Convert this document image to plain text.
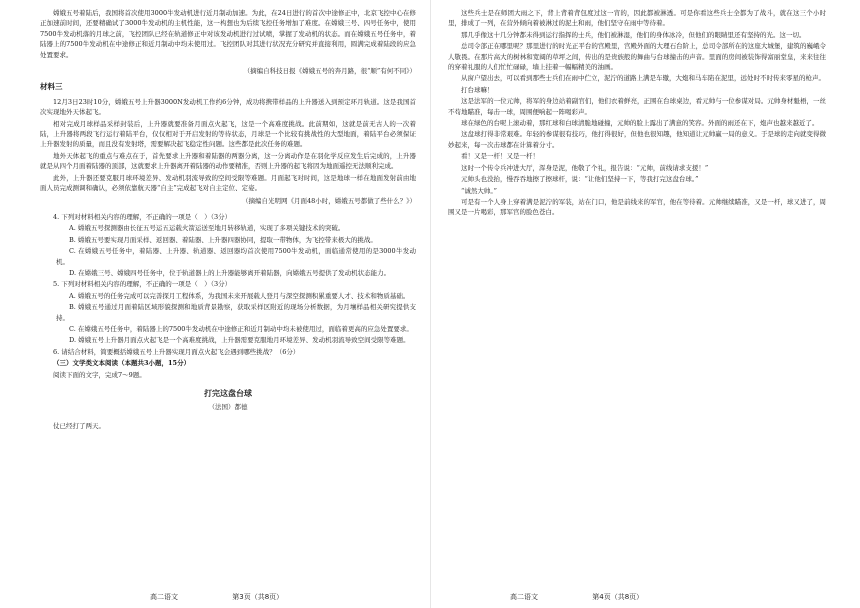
嫦娥五号着陆后，我国将首次使用3000牛发动机进行近月制动加速。为此，在24日进行的首次中途修正中，北京飞控中心在修正加速前时间，还要精确试了3000牛发动机的主机性能，这一构想也为后续飞控任务增加了难度。在嫦娥三号、四号任务中，使用7500牛发动机落的月球之前，飞控团队已经在轨道修正中对该发动机进行过试喷，掌握了发动机的状态。而在嫦娥五号任务中，着陆器上的7500牛发动机在中途修正和近月制动中均未使用过。飞控团队对其进行状况充分研究并直接利用，圆满完成着陆段的应急处置要求。

（摘编自科技日报《嫦娥五号的奔月路，很“顺”有何不同》）
材料三

12月3日23时10分，嫦娥五号上升器3000N发动机工作约6分钟，成功将携带样品的上升器送入到预定环月轨道。这是我国首次实现地外天体起飞。

相对完成月球样品采样封装后，上升器就要准备月面点火起飞，这是一个高难度挑战。此前期如，这就是前无古人的一次着陆，上升器将两段飞行运行着陆平台，仅仅相对于开启发射的等待状态，月球是一个比较有挑战性的大型地面，着陆平台必须保证上升器发射的质量，而且没有发射塔，需要解决起飞稳定性问题。这些都是此次任务的难题。

地外天体起飞的重点与难点在于，首先要求上升器和着陆器的两器分离，这一分离动作是在羽化学反应发生后完成的，上升器就是从四个月面着陆器的顶部，这就要求上升器离开着陆器的动作要精准，否则上升器的起飞将因为地面遥控无法顺利完成。

此外，上升器还要克服月球环境差异、发动机羽流导致的空间受限等难题。月面起飞对时间，这是地球一样在地面发射前由地面人员完成测调和确认，必须依靠航天器“自主”完成起飞对自主定位、定姿。

（摘编自光明网《月面48小时，嫦娥五号都做了些什么？》）

4. 下列对材料相关内容的理解，不正确的一项是（　）（3分）

A. 嫦娥五号探测器由长征五号运五运载火箭运送至地月转移轨道，实现了多项关键技术的突破。

B. 嫦娥五号要实现月面采样、返回器、着陆器、上升器四器协同，提取一带物体，为飞控带来极大的挑战。

C. 在嫦娥五号任务中，着陆器、上升器、轨道器、返回器均首次使用7500牛发动机，面临通常使用的是3000牛发动机。

D. 在嫦娥三号、嫦娥四号任务中，位于轨道器上的上升器能够离开着陆器，向嫦娥五号提供了发动机状态能力。

5. 下列对材料相关内容的理解，不正确的一项是（　）（3分）

A. 嫦娥五号的任务完成可以完善探月工程体系，为我国未来开展载人登月与深空探测积累重要人才、技术和物质基础。

B. 嫦娥五号通过月面着陆区域形貌探测和地质背景勘察，获取采样区附近的现场分析数据，为月壤样品相关研究提供支持。

C. 在嫦娥五号任务中，着陆器上的7500牛发动机在中途修正和近月制动中均未被使用过，面临着更高的应急处置要求。

D. 嫦娥五号上升器月面点火起飞是一个高难度挑战，上升器需要克服地月环境差异、发动机羽流导致空间受限等难题。

6. 请结合材料，简要概括嫦娥五号上升器实现月面点火起飞会遇到哪些挑战？（6分）

（三）文学类文本阅读（本题共3小题，15分）

阅读下面的文字，完成7～9题。

打完这盘台球
（法国）都德

仗已经打了两天。

这些兵士是在师团大雨之下，背上背着背包度过这一宵的，因此都被淋透。可是你看这些兵士全都为了战斗，就在这三个小时里，排成了一列，在营外倾向着被淋过的泥土和雨，他们坚守在雨中等待着。

那几乎像这十几分钟都未得到运行指挥的士兵，他们被淋湿，他们的身体冰冷，但他们的眼睛里还有坚持的光。这一切。

总司令部正在哪里呢？那里进行的时光正平台的宫殿里，宫殿外面的大理石台阶上，总司令部所在的这座大城堡，建筑的巍峨令人敬畏。在那片高大的树林和宽阔的草坪之间，传出的是贵族般的舞曲与台球撞击的声音。里面的房间被装饰得富丽堂皇，来来往往的穿着礼服的人们忙忙碌碌，墙上挂着一幅幅精美的油画。

从窗户望出去，可以看到那些士兵们在雨中伫立，泥泞的道路上满是车辙，大炮和马车陷在泥里，远处时不时传来零星的枪声。

打台球嘛！

这是法军的一位元帅，将军的身边站着副官们，他们衣着鲜亮，正围在台球桌边，看元帅与一位参谋对局。元帅身材魁梧，一丝不苟地瞄准，每击一球，周围便响起一阵喝彩声。

球在绿色的台呢上滚动着，那红球和白球清脆地碰撞，元帅的脸上露出了满意的笑容。外面的雨还在下，炮声也越来越近了。

这盘球打得非常艰难。年轻的参谋很有技巧，他打得很好，但他也很知趣，他知道让元帅赢一局的意义。于是球的走向就变得微妙起来，每一次击球都在计算着分寸。

看！又是一杆！又是一杆！

这时一个传令兵冲进大厅，浑身是泥，他敬了个礼，报告说：“元帅，前线请求支援！”

元帅头也没抬，慢吞吞地擦了擦球杆，说：“让他们坚持一下，等我打完这盘台球。”

“诚然大帅。”

可是有一个人身上穿着满是泥泞的军装，站在门口，他是前线来的军官，他在等待着。元帅继续瞄准，又是一杆，球又进了，周围又是一片喝彩，那军官的脸色苍白。

高二语文	第3页（共8页）	高二语文	第4页（共8页）
